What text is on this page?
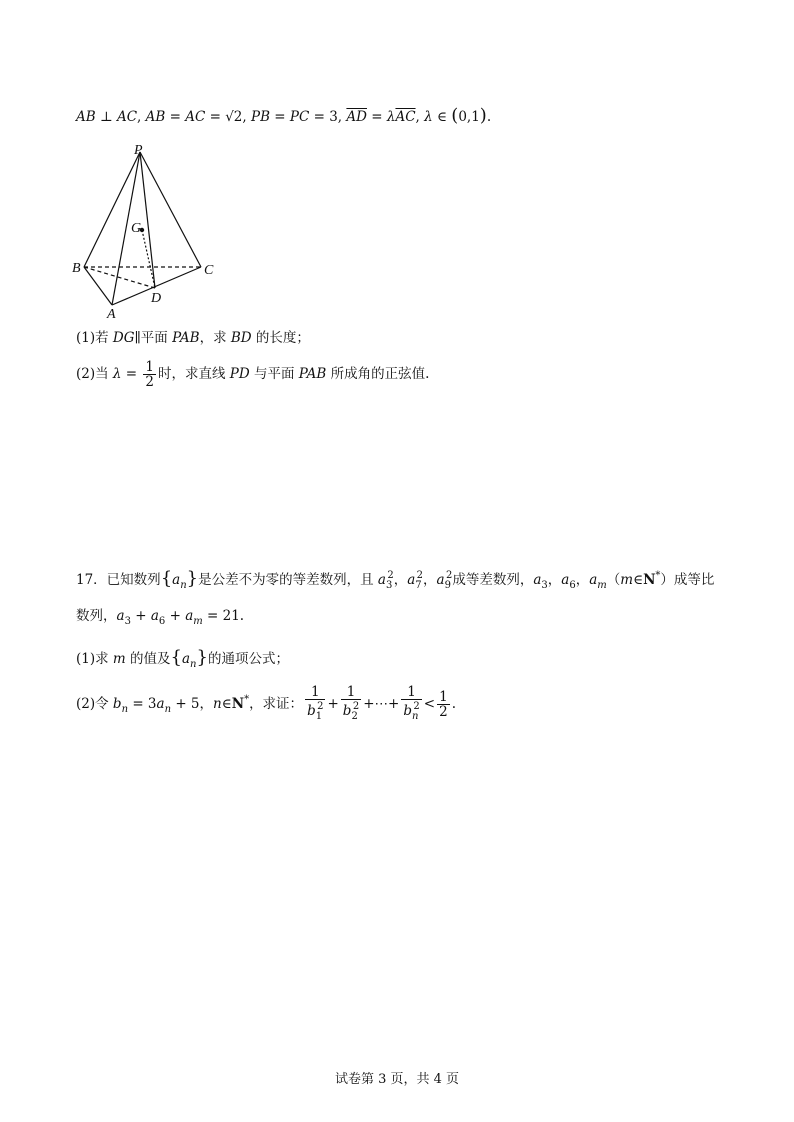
AB ⊥ AC, AB = AC = √2, PB = PC = 3, $\overline{AD} = \lambda\overline{AC}$, λ ∈ (0,1).
P
G
B	C
D
A
(1)若 DG∥平面 PAB，求 BD 的长度；
(2)当 $\lambda = \frac{1}{2}$ 时，求直线 PD 与平面 PAB 所成角的正弦值.
17．已知数列$\{a_n\}$是公差不为零的等差数列，且 $a_3^2$，$a_7^2$，$a_9^2$成等差数列，$a_3$，$a_6$，$a_m(m\in N^*)$成等比
数列，$a_3 + a_6 + a_m = 21$.
(1)求 m 的值及$\{a_n\}$的通项公式；
(2)令 $b_n = 3a_n + 5$，n∈N*，求证： $\frac{1}{b_1^2} + \frac{1}{b_2^2}$ +⋯+ $\frac{1}{b_n^2} < \frac{1}{2}$ .
试卷第 3 页，共 4 页
